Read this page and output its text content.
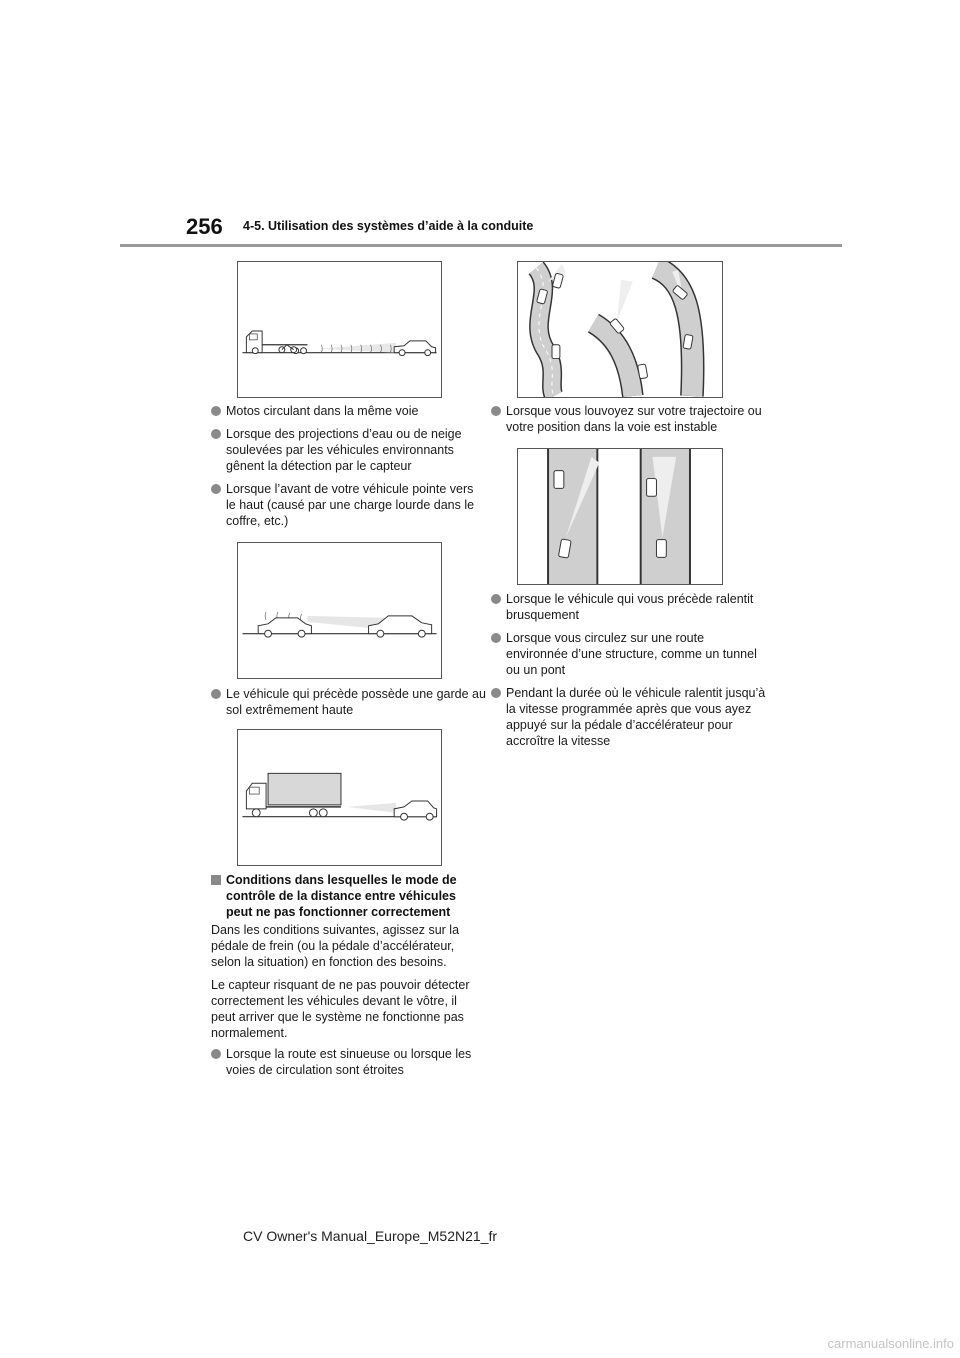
256 4-5. Utilisation des systèmes d’aide à la conduite
Motos circulant dans la même voie
Lorsque des projections d’eau ou de neige soulevées par les véhicules environnants gênent la détection par le capteur
Lorsque l’avant de votre véhicule pointe vers le haut (causé par une charge lourde dans le coffre, etc.)
Le véhicule qui précède possède une garde au sol extrêmement haute
Conditions dans lesquelles le mode de contrôle de la distance entre véhicules peut ne pas fonctionner correctement
Dans les conditions suivantes, agissez sur la pédale de frein (ou la pédale d’accélérateur, selon la situation) en fonction des besoins.
Le capteur risquant de ne pas pouvoir détecter correctement les véhicules devant le vôtre, il peut arriver que le système ne fonctionne pas normalement.
Lorsque la route est sinueuse ou lorsque les voies de circulation sont étroites
Lorsque vous louvoyez sur votre trajectoire ou votre position dans la voie est instable
Lorsque le véhicule qui vous précède ralentit brusquement
Lorsque vous circulez sur une route environnée d’une structure, comme un tunnel ou un pont
Pendant la durée où le véhicule ralentit jusqu’à la vitesse programmée après que vous ayez appuyé sur la pédale d’accélérateur pour accroître la vitesse
CV Owner's Manual_Europe_M52N21_fr
carmanualsonline.info
